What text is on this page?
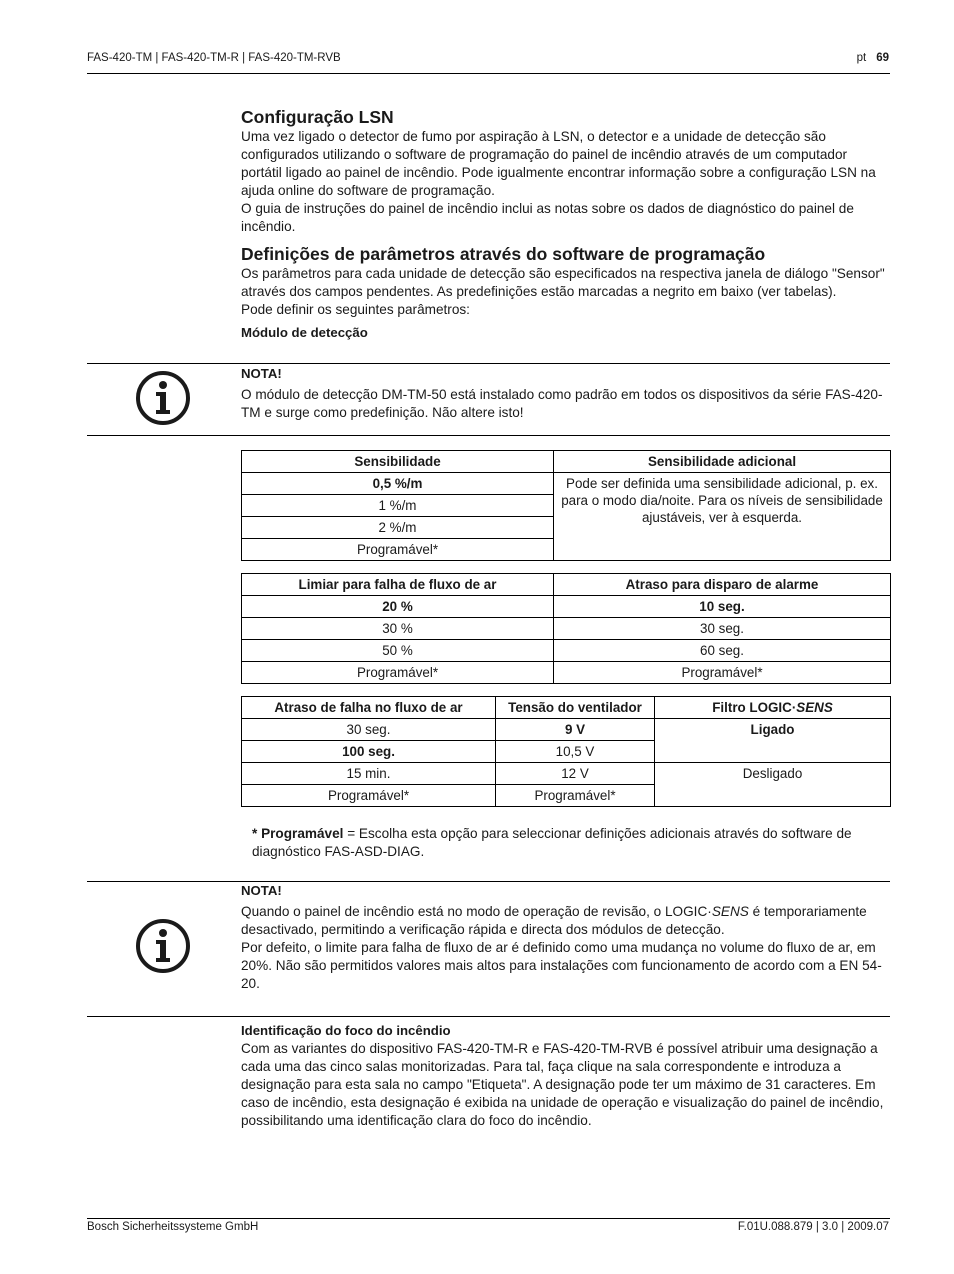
FAS-420-TM | FAS-420-TM-R | FAS-420-TM-RVB	pt 69
Configuração LSN

Uma vez ligado o detector de fumo por aspiração à LSN, o detector e a unidade de detecção são configurados utilizando o software de programação do painel de incêndio através de um computador portátil ligado ao painel de incêndio. Pode igualmente encontrar informação sobre a configuração LSN na ajuda online do software de programação.

O guia de instruções do painel de incêndio inclui as notas sobre os dados de diagnóstico do painel de incêndio.

Definições de parâmetros através do software de programação

Os parâmetros para cada unidade de detecção são especificados na respectiva janela de diálogo "Sensor" através dos campos pendentes. As predefinições estão marcadas a negrito em baixo (ver tabelas).

Pode definir os seguintes parâmetros:

Módulo de detecção

NOTA!

O módulo de detecção DM-TM-50 está instalado como padrão em todos os dispositivos da série FAS-420-TM e surge como predefinição. Não altere isto!

Sensibilidade	Sensibilidade adicional
0,5 %/m	Pode ser definida uma sensibilidade adicional, p. ex. para o modo dia/noite. Para os níveis de sensibilidade ajustáveis, ver à esquerda.
1 %/m	
2 %/m	
Programável*	
Limiar para falha de fluxo de ar	Atraso para disparo de alarme
20 %	10 seg.
30 %	30 seg.
50 %	60 seg.
Programável*	Programável*
Atraso de falha no fluxo de ar	Tensão do ventilador	Filtro LOGIC·SENS
30 seg.	9 V	Ligado
100 seg.	10,5 V	
15 min.	12 V	Desligado
Programável*	Programável*	
* Programável = Escolha esta opção para seleccionar definições adicionais através do software de diagnóstico FAS-ASD-DIAG.

NOTA!

Quando o painel de incêndio está no modo de operação de revisão, o LOGIC·SENS é temporariamente desactivado, permitindo a verificação rápida e directa dos módulos de detecção.

Por defeito, o limite para falha de fluxo de ar é definido como uma mudança no volume do fluxo de ar, em 20%. Não são permitidos valores mais altos para instalações com funcionamento de acordo com a EN 54-20.

Identificação do foco do incêndio

Com as variantes do dispositivo FAS-420-TM-R e FAS-420-TM-RVB é possível atribuir uma designação a cada uma das cinco salas monitorizadas. Para tal, faça clique na sala correspondente e introduza a designação para esta sala no campo "Etiqueta". A designação pode ter um máximo de 31 caracteres. Em caso de incêndio, esta designação é exibida na unidade de operação e visualização do painel de incêndio, possibilitando uma identificação clara do foco do incêndio.

Bosch Sicherheitssysteme GmbH	F.01U.088.879 | 3.0 | 2009.07
